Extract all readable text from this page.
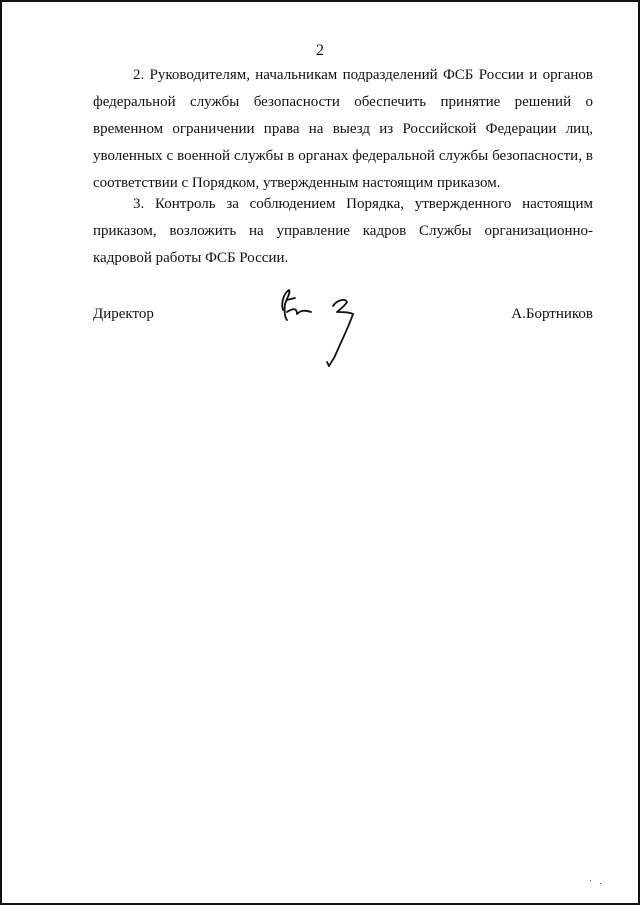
2
2. Руководителям, начальникам подразделений ФСБ России и органов федеральной службы безопасности обеспечить принятие решений о временном ограничении права на выезд из Российской Федерации лиц, уволенных с военной службы в органах федеральной службы безопасности, в соответствии с Порядком, утвержденным настоящим приказом.
3. Контроль за соблюдением Порядка, утвержденного настоящим приказом, возложить на управление кадров Службы организационно-кадровой работы ФСБ России.
Директор	А.Бортников
